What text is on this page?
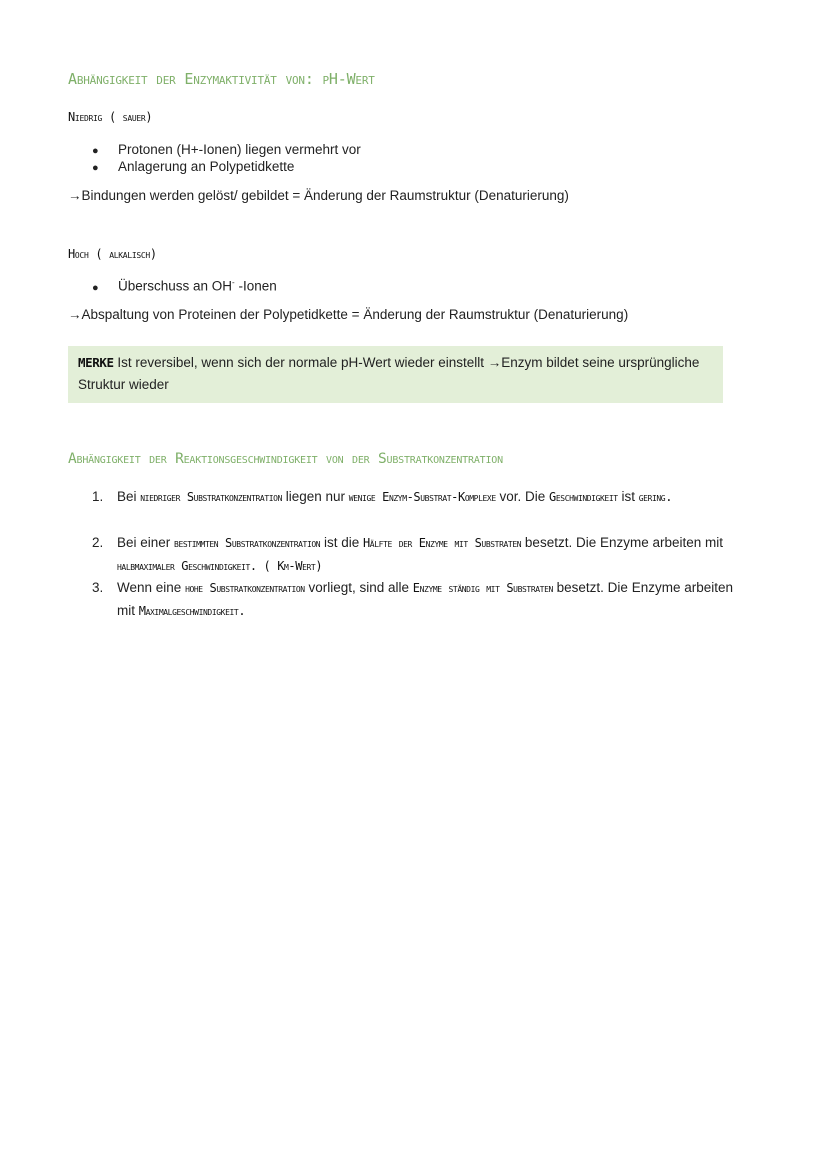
Abhängigkeit der Enzymaktivität von: pH-Wert
Niedrig ( sauer)
● Protonen (H+-Ionen) liegen vermehrt vor
● Anlagerung an Polypetidkette
→Bindungen werden gelöst/ gebildet = Änderung der Raumstruktur (Denaturierung)
Hoch ( alkalisch)
● Überschuss an OH- -Ionen
→Abspaltung von Proteinen der Polypetidkette = Änderung der Raumstruktur (Denaturierung)
MERKE Ist reversibel, wenn sich der normale pH-Wert wieder einstellt →Enzym bildet seine ursprüngliche Struktur wieder
Abhängigkeit der Reaktionsgeschwindigkeit von der Substratkonzentration
1.	Bei niedriger Substratkonzentration liegen nur wenige Enzym-Substrat-Komplexe vor. Die Geschwindigkeit ist gering.
2.	Bei einer bestimmten Substratkonzentration ist die Hälfte der Enzyme mit Substraten besetzt. Die Enzyme arbeiten mit halbmaximaler Geschwindigkeit. ( Km-Wert)
3.	Wenn eine hohe Substratkonzentration vorliegt, sind alle Enzyme ständig mit Substraten besetzt. Die Enzyme arbeiten mit Maximalgeschwindigkeit.
